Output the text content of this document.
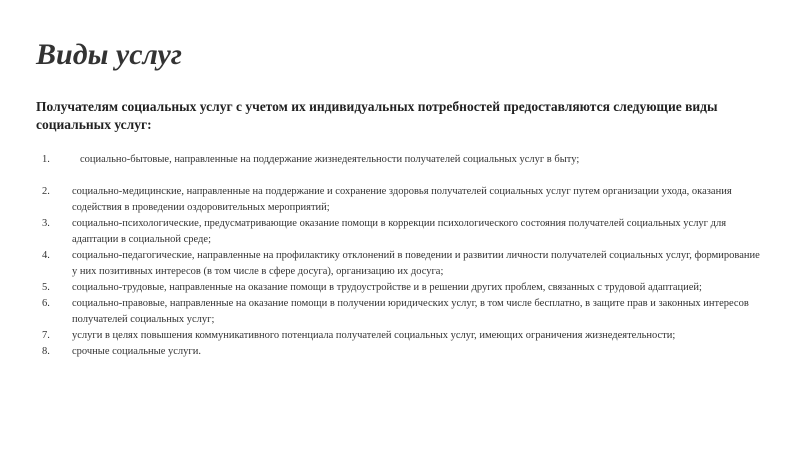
Виды услуг
Получателям социальных услуг с учетом их индивидуальных потребностей предоставляются следующие виды социальных услуг:
1.	социально-бытовые, направленные на поддержание жизнедеятельности получателей социальных услуг в быту;
2. социально-медицинские, направленные на поддержание и сохранение здоровья получателей социальных услуг путем организации ухода, оказания содействия в проведении оздоровительных мероприятий;
3. социально-психологические, предусматривающие оказание помощи в коррекции психологического состояния получателей социальных услуг для адаптации в социальной среде;
4. социально-педагогические, направленные на профилактику отклонений в поведении и развитии личности получателей социальных услуг, формирование у них позитивных интересов (в том числе в сфере досуга), организацию их досуга;
5. социально-трудовые, направленные на оказание помощи в трудоустройстве и в решении других проблем, связанных с трудовой адаптацией;
6. социально-правовые, направленные на оказание помощи в получении юридических услуг, в том числе бесплатно, в защите прав и законных интересов получателей социальных услуг;
7. услуги в целях повышения коммуникативного потенциала получателей социальных услуг, имеющих ограничения жизнедеятельности;
8. срочные социальные услуги.
